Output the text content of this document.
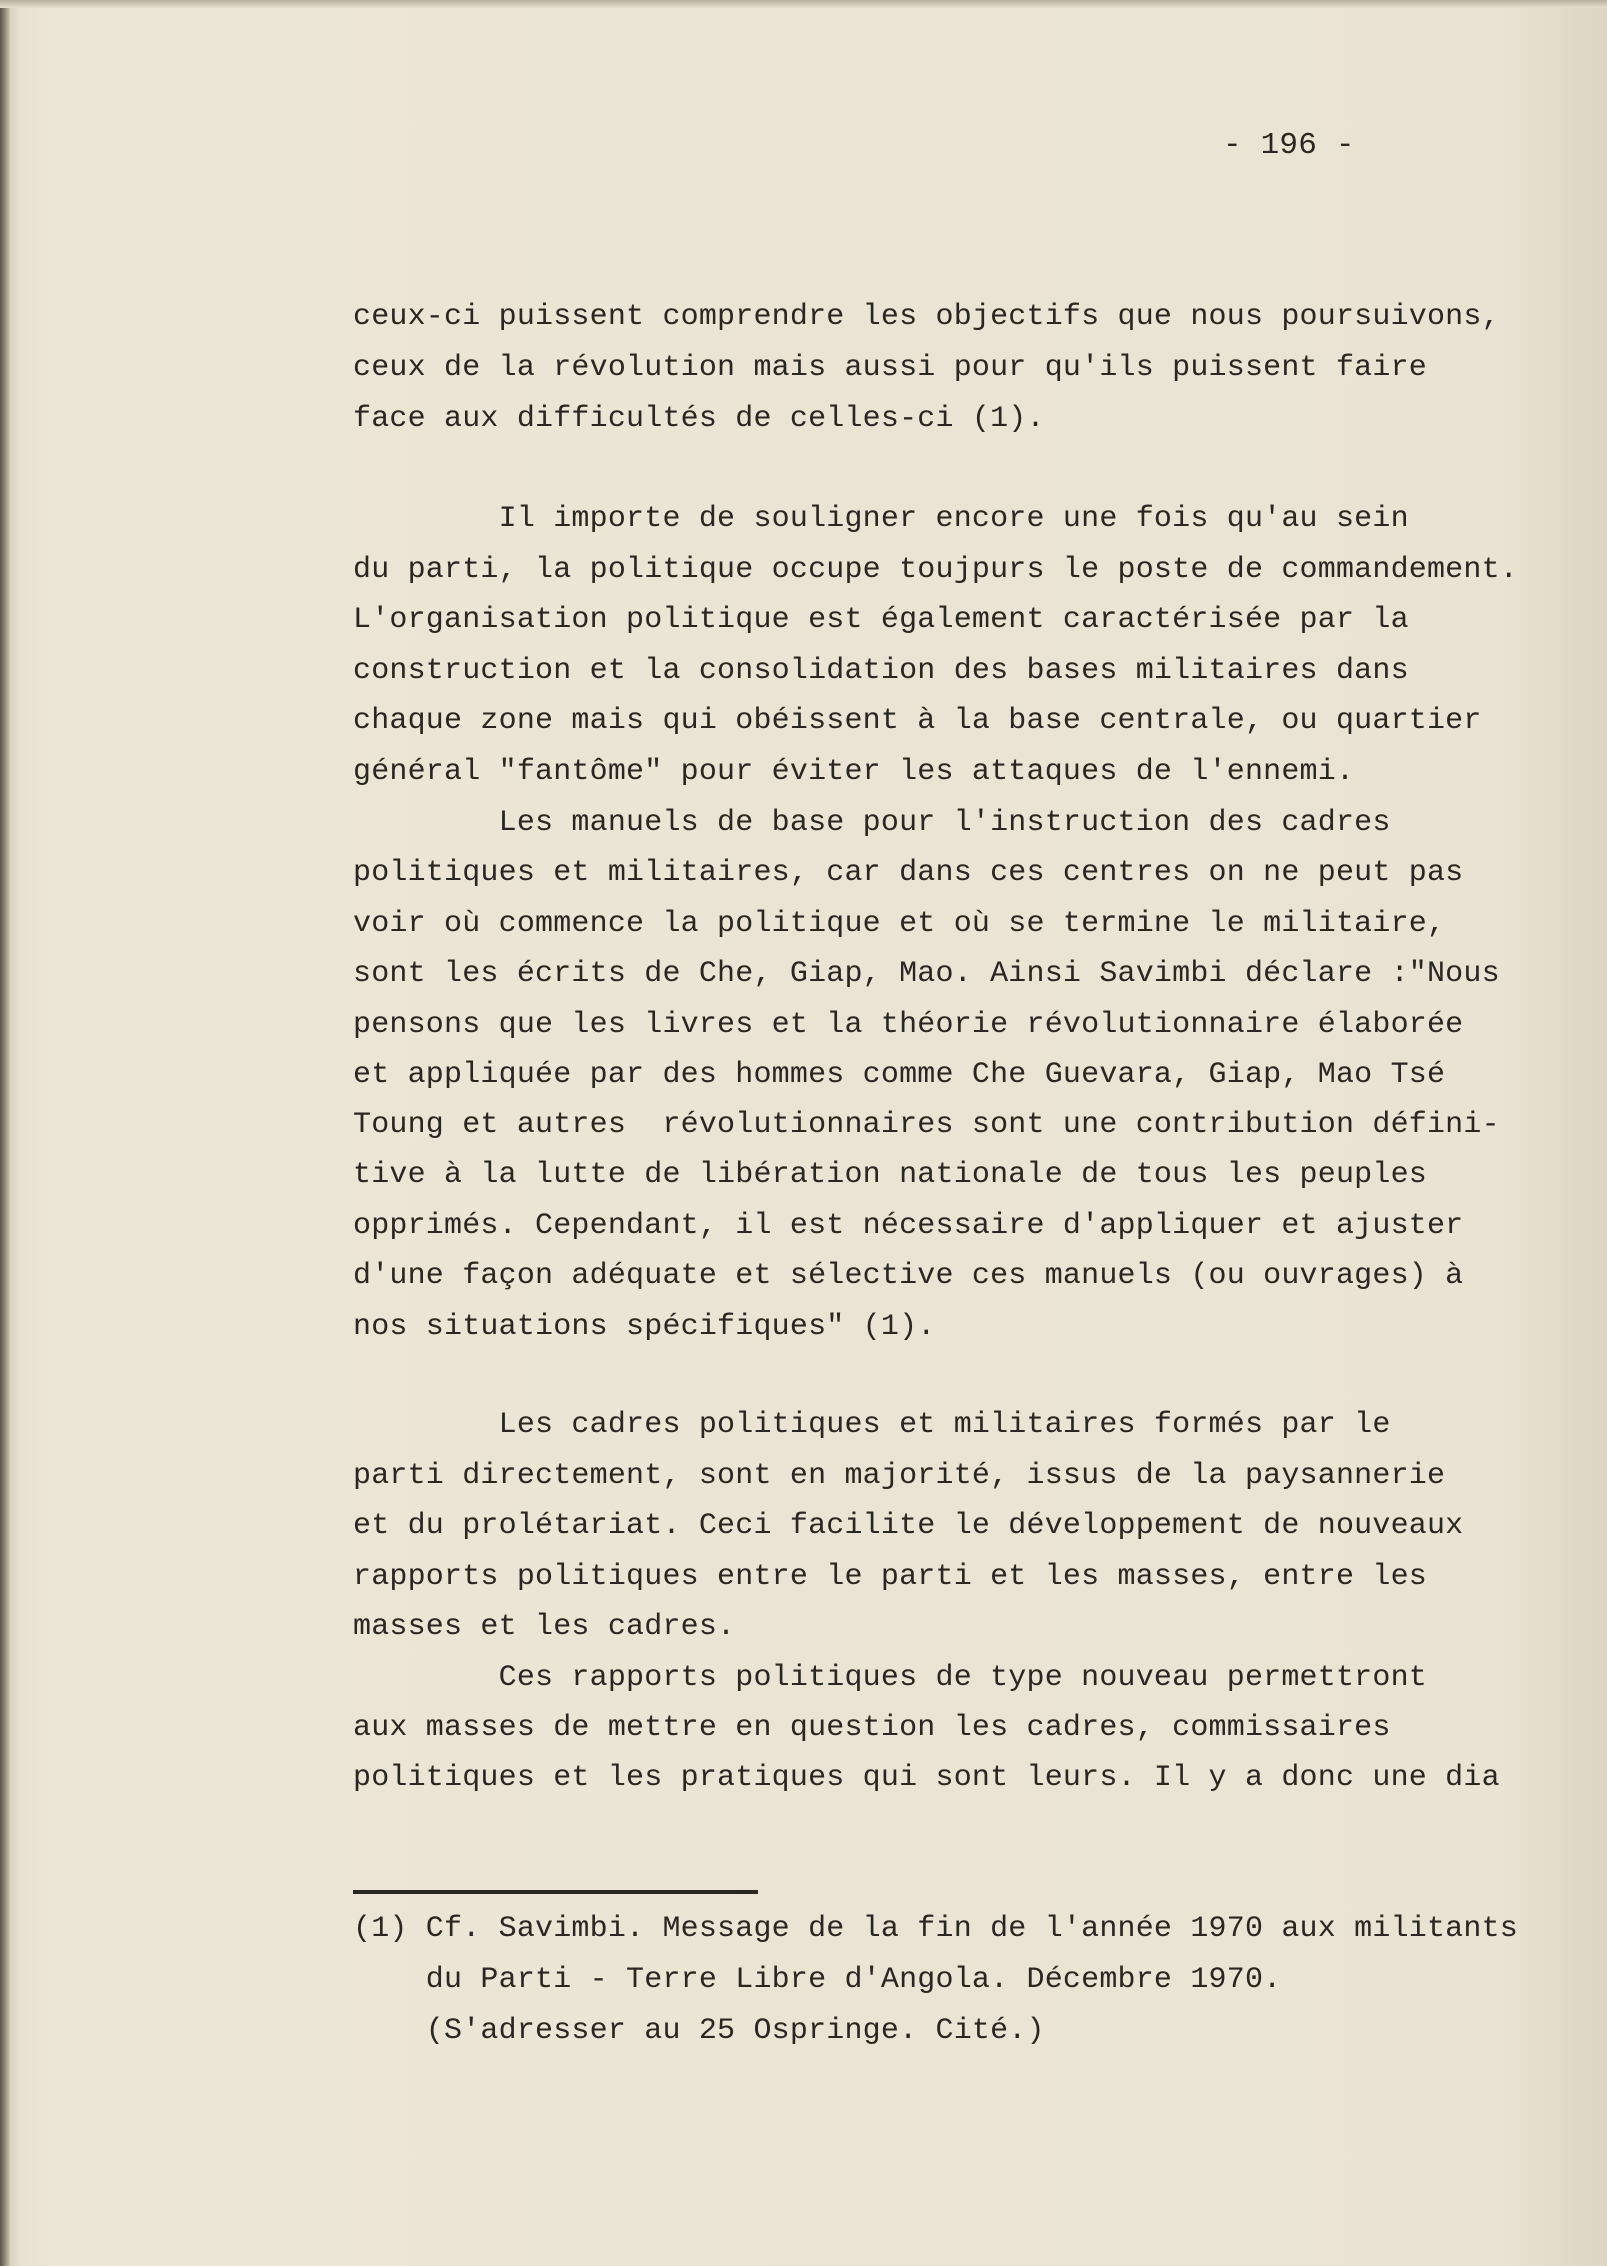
- 196 -

ceux-ci puissent comprendre les objectifs que nous poursuivons,

ceux de la révolution mais aussi pour qu'ils puissent faire

face aux difficultés de celles-ci (1).

Il importe de souligner encore une fois qu'au sein

du parti, la politique occupe toujpurs le poste de commandement.

L'organisation politique est également caractérisée par la

construction et la consolidation des bases militaires dans

chaque zone mais qui obéissent à la base centrale, ou quartier

général "fantôme" pour éviter les attaques de l'ennemi.

Les manuels de base pour l'instruction des cadres

politiques et militaires, car dans ces centres on ne peut pas

voir où commence la politique et où se termine le militaire,

sont les écrits de Che, Giap, Mao. Ainsi Savimbi déclare :"Nous

pensons que les livres et la théorie révolutionnaire élaborée

et appliquée par des hommes comme Che Guevara, Giap, Mao Tsé

Toung et autres  révolutionnaires sont une contribution défini-

tive à la lutte de libération nationale de tous les peuples

opprimés. Cependant, il est nécessaire d'appliquer et ajuster

d'une façon adéquate et sélective ces manuels (ou ouvrages) à

nos situations spécifiques" (1).

Les cadres politiques et militaires formés par le

parti directement, sont en majorité, issus de la paysannerie

et du prolétariat. Ceci facilite le développement de nouveaux

rapports politiques entre le parti et les masses, entre les

masses et les cadres.

Ces rapports politiques de type nouveau permettront

aux masses de mettre en question les cadres, commissaires

politiques et les pratiques qui sont leurs. Il y a donc une dia

(1) Cf. Savimbi. Message de la fin de l'année 1970 aux militants

du Parti - Terre Libre d'Angola. Décembre 1970.

(S'adresser au 25 Ospringe. Cité.)
